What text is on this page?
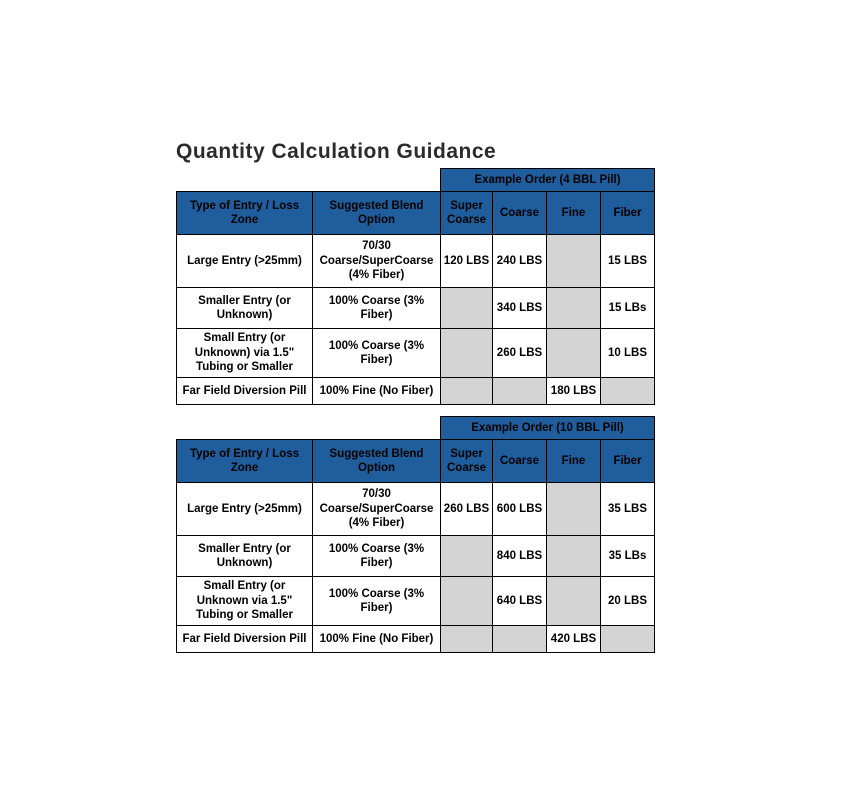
Quantity Calculation Guidance
		Example Order (4 BBL Pill)			
Type of Entry / Loss Zone	Suggested Blend Option	Super Coarse	Coarse	Fine	Fiber
Large Entry (>25mm)	70/30 Coarse/SuperCoarse (4% Fiber)	120 LBS	240 LBS		15 LBS
Smaller Entry (or Unknown)	100% Coarse (3% Fiber)		340 LBS		15 LBs
Small Entry (or Unknown) via 1.5" Tubing or Smaller	100% Coarse (3% Fiber)		260 LBS		10 LBS
Far Field Diversion Pill	100% Fine (No Fiber)			180 LBS	
		Example Order (10 BBL Pill)			
Type of Entry / Loss Zone	Suggested Blend Option	Super Coarse	Coarse	Fine	Fiber
Large Entry (>25mm)	70/30 Coarse/SuperCoarse (4% Fiber)	260 LBS	600 LBS		35 LBS
Smaller Entry (or Unknown)	100% Coarse (3% Fiber)		840 LBS		35 LBs
Small Entry (or Unknown via 1.5" Tubing or Smaller	100% Coarse (3% Fiber)		640 LBS		20 LBS
Far Field Diversion Pill	100% Fine (No Fiber)			420 LBS	
